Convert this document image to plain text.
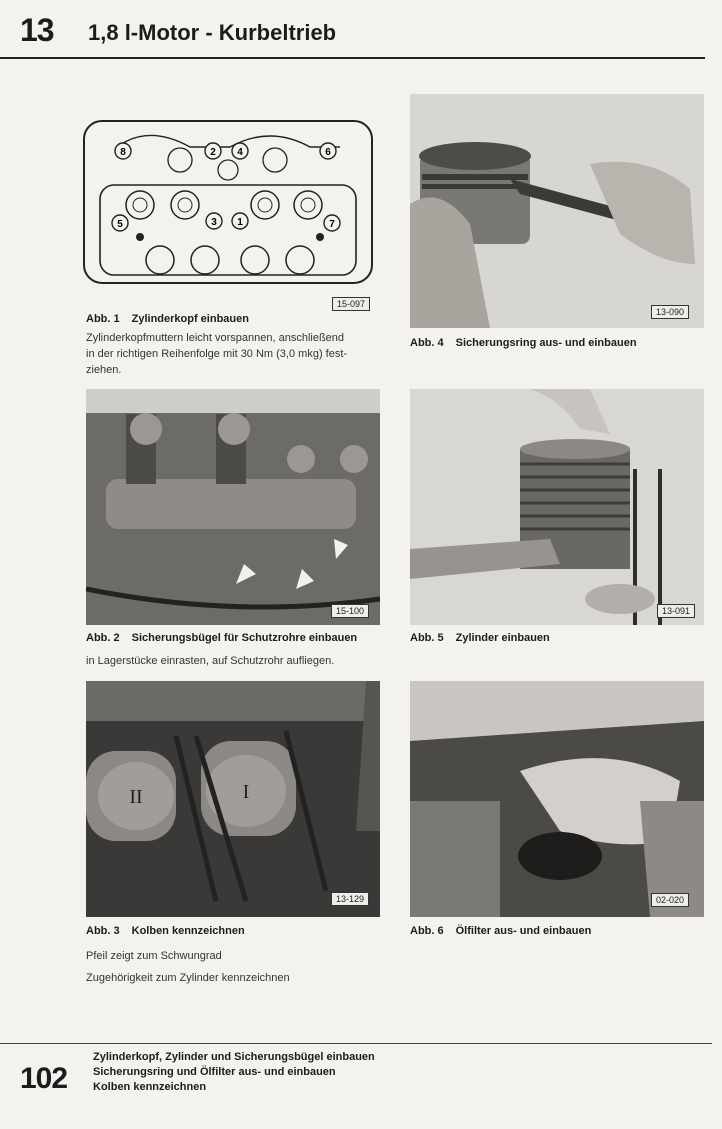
13 1,8 l-Motor - Kurbeltrieb
8	2 4	6
5	3 1	7
15-097
Abb. 1 Zylinderkopf einbauen
Zylinderkopfmuttern leicht vorspannen, anschließend
in der richtigen Reihenfolge mit 30 Nm (3,0 mkg) fest-
ziehen.
13-090
Abb. 4 Sicherungsring aus- und einbauen
15-100
Abb. 2 Sicherungsbügel für Schutzrohre einbauen
in Lagerstücke einrasten, auf Schutzrohr aufliegen.
13-091
Abb. 5 Zylinder einbauen
II	I
13-129
Abb. 3 Kolben kennzeichnen
Pfeil zeigt zum Schwungrad
Zugehörigkeit zum Zylinder kennzeichnen
02-020
Abb. 6 Ölfilter aus- und einbauen
102
Zylinderkopf, Zylinder und Sicherungsbügel einbauen
Sicherungsring und Ölfilter aus- und einbauen
Kolben kennzeichnen
